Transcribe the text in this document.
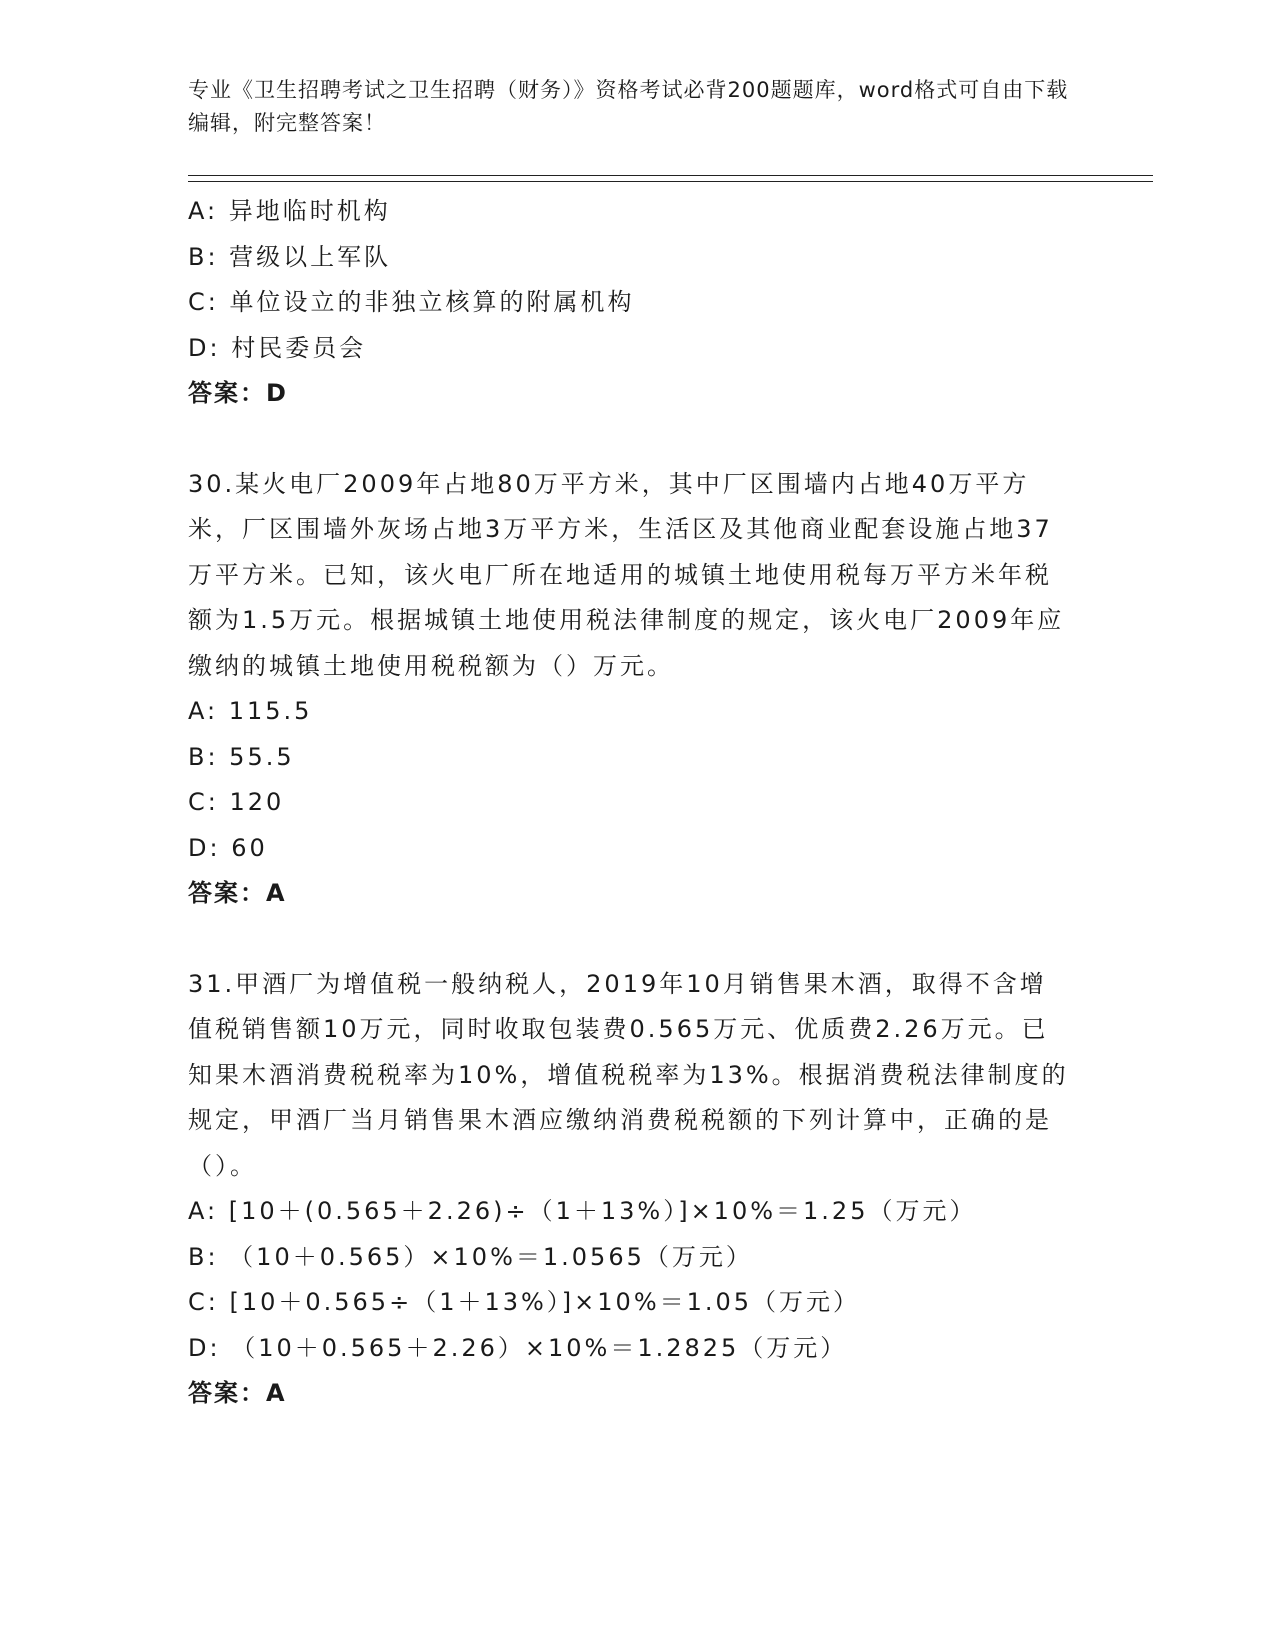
专业《卫生招聘考试之卫生招聘（财务）》资格考试必背200题题库，word格式可自由下载编辑，附完整答案！
A: 异地临时机构
B: 营级以上军队
C: 单位设立的非独立核算的附属机构
D: 村民委员会
答案：D
30.某火电厂2009年占地80万平方米，其中厂区围墙内占地40万平方米，厂区围墙外灰场占地3万平方米，生活区及其他商业配套设施占地37万平方米。已知，该火电厂所在地适用的城镇土地使用税每万平方米年税额为1.5万元。根据城镇土地使用税法律制度的规定，该火电厂2009年应缴纳的城镇土地使用税税额为（）万元。
A: 115.5
B: 55.5
C: 120
D: 60
答案：A
31.甲酒厂为增值税一般纳税人，2019年10月销售果木酒，取得不含增值税销售额10万元，同时收取包装费0.565万元、优质费2.26万元。已知果木酒消费税税率为10%，增值税税率为13%。根据消费税法律制度的规定，甲酒厂当月销售果木酒应缴纳消费税税额的下列计算中，正确的是（）。
A: [10＋(0.565＋2.26)÷（1＋13%）]×10%＝1.25（万元）
B: （10＋0.565）×10%＝1.0565（万元）
C: [10＋0.565÷（1＋13%）]×10%＝1.05（万元）
D: （10＋0.565＋2.26）×10%＝1.2825（万元）
答案：A
